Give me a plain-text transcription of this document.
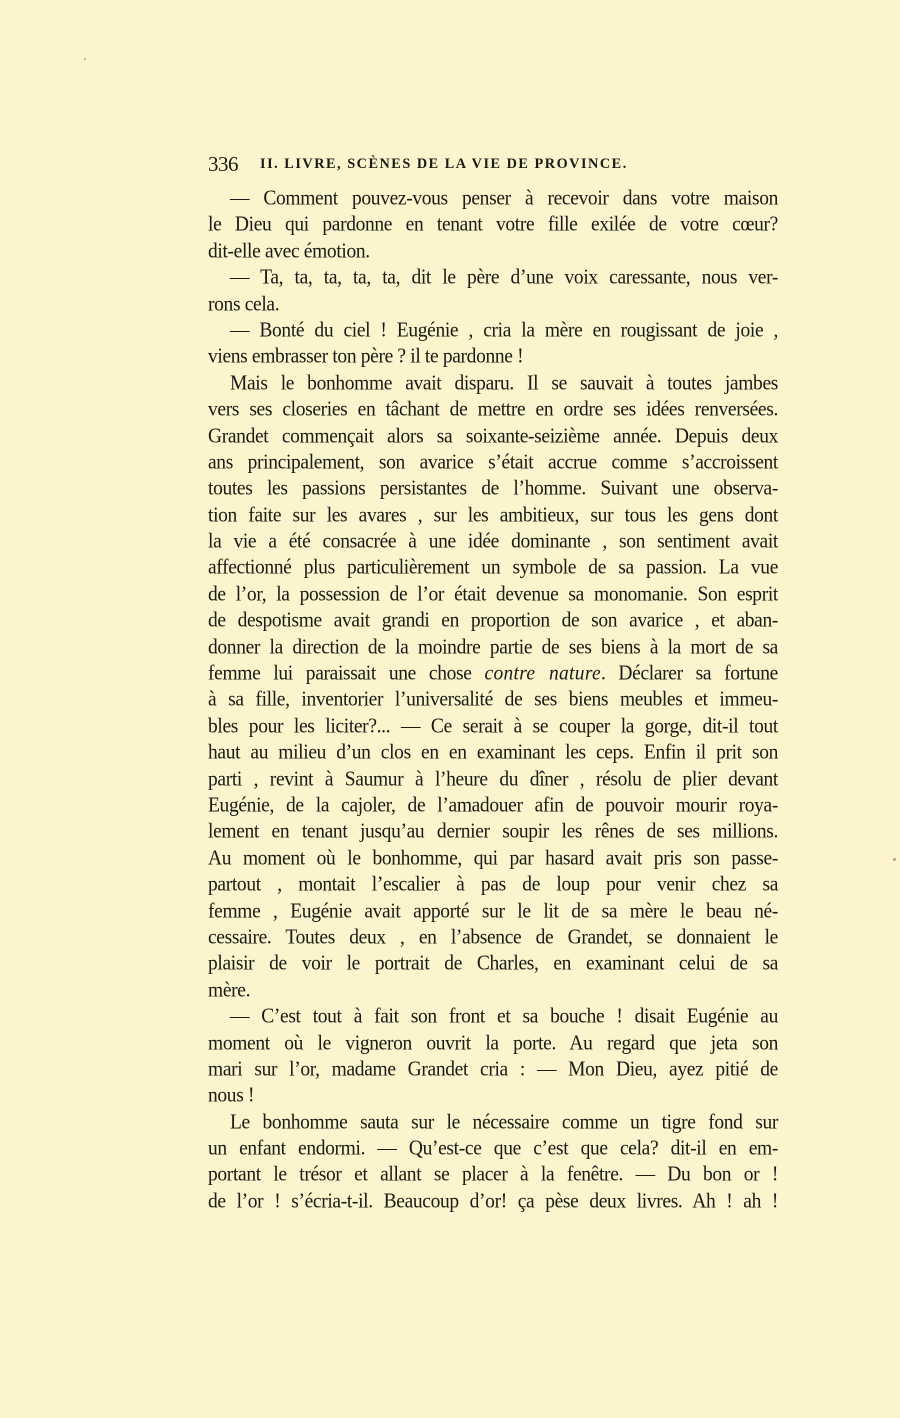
336 II. LIVRE, SCÈNES DE LA VIE DE PROVINCE.
— Comment pouvez-vous penser à recevoir dans votre maison
le Dieu qui pardonne en tenant votre fille exilée de votre cœur?
dit-elle avec émotion.
— Ta, ta, ta, ta, ta, dit le père d’une voix caressante, nous ver-
rons cela.
— Bonté du ciel ! Eugénie , cria la mère en rougissant de joie ,
viens embrasser ton père ? il te pardonne !
Mais le bonhomme avait disparu. Il se sauvait à toutes jambes
vers ses closeries en tâchant de mettre en ordre ses idées renversées.
Grandet commençait alors sa soixante-seizième année. Depuis deux
ans principalement, son avarice s’était accrue comme s’accroissent
toutes les passions persistantes de l’homme. Suivant une observa-
tion faite sur les avares , sur les ambitieux, sur tous les gens dont
la vie a été consacrée à une idée dominante , son sentiment avait
affectionné plus particulièrement un symbole de sa passion. La vue
de l’or, la possession de l’or était devenue sa monomanie. Son esprit
de despotisme avait grandi en proportion de son avarice , et aban-
donner la direction de la moindre partie de ses biens à la mort de sa
femme lui paraissait une chose contre nature. Déclarer sa fortune
à sa fille, inventorier l’universalité de ses biens meubles et immeu-
bles pour les liciter?... — Ce serait à se couper la gorge, dit-il tout
haut au milieu d’un clos en en examinant les ceps. Enfin il prit son
parti , revint à Saumur à l’heure du dîner , résolu de plier devant
Eugénie, de la cajoler, de l’amadouer afin de pouvoir mourir roya-
lement en tenant jusqu’au dernier soupir les rênes de ses millions.
Au moment où le bonhomme, qui par hasard avait pris son passe-
partout , montait l’escalier à pas de loup pour venir chez sa
femme , Eugénie avait apporté sur le lit de sa mère le beau né-
cessaire. Toutes deux , en l’absence de Grandet, se donnaient le
plaisir de voir le portrait de Charles, en examinant celui de sa
mère.
— C’est tout à fait son front et sa bouche ! disait Eugénie au
moment où le vigneron ouvrit la porte. Au regard que jeta son
mari sur l’or, madame Grandet cria : — Mon Dieu, ayez pitié de
nous !
Le bonhomme sauta sur le nécessaire comme un tigre fond sur
un enfant endormi. — Qu’est-ce que c’est que cela? dit-il en em-
portant le trésor et allant se placer à la fenêtre. — Du bon or !
de l’or ! s’écria-t-il. Beaucoup d’or! ça pèse deux livres. Ah ! ah !
